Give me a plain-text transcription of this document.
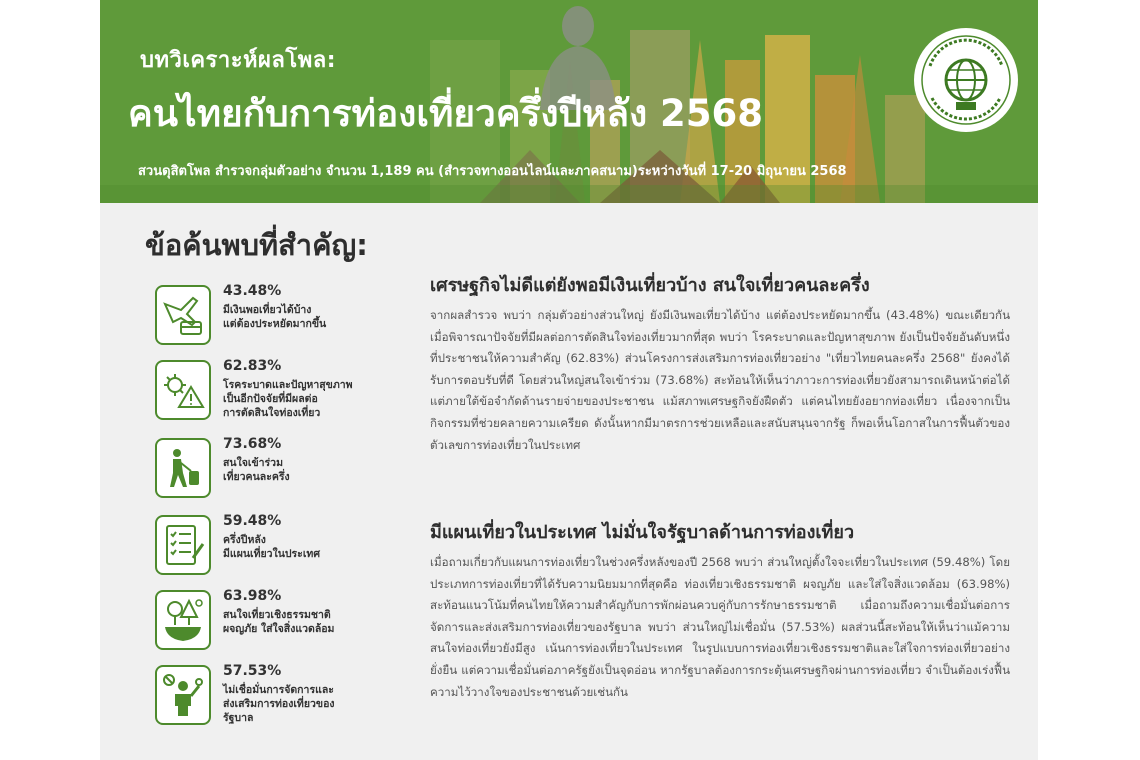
บทวิเคราะห์ผลโพล:
คนไทยกับการท่องเที่ยวครึ่งปีหลัง 2568
สวนดุสิตโพล สำรวจกลุ่มตัวอย่าง จำนวน 1,189 คน (สำรวจทางออนไลน์และภาคสนาม)ระหว่างวันที่ 17-20 มิถุนายน 2568
ข้อค้นพบที่สำคัญ:
43.48%
มีเงินพอเที่ยวได้บ้าง
แต่ต้องประหยัดมากขึ้น
62.83%
โรคระบาดและปัญหาสุขภาพ
เป็นอีกปัจจัยที่มีผลต่อ
การตัดสินใจท่องเที่ยว
73.68%
สนใจเข้าร่วม
เที่ยวคนละครึ่ง
59.48%
ครึ่งปีหลัง
มีแผนเที่ยวในประเทศ
63.98%
สนใจเที่ยวเชิงธรรมชาติ
ผจญภัย ใส่ใจสิ่งแวดล้อม
57.53%
ไม่เชื่อมั่นการจัดการและ
ส่งเสริมการท่องเที่ยวของ
รัฐบาล
เศรษฐกิจไม่ดีแต่ยังพอมีเงินเที่ยวบ้าง สนใจเที่ยวคนละครึ่ง

จากผลสำรวจ พบว่า กลุ่มตัวอย่างส่วนใหญ่ ยังมีเงินพอเที่ยวได้บ้าง แต่ต้องประหยัดมากขึ้น (43.48%) ขณะเดียวกันเมื่อพิจารณาปัจจัยที่มีผลต่อการตัดสินใจท่องเที่ยวมากที่สุด พบว่า โรคระบาดและปัญหาสุขภาพ ยังเป็นปัจจัยอันดับหนึ่งที่ประชาชนให้ความสำคัญ (62.83%) ส่วนโครงการส่งเสริมการท่องเที่ยวอย่าง "เที่ยวไทยคนละครึ่ง 2568" ยังคงได้รับการตอบรับที่ดี โดยส่วนใหญ่สนใจเข้าร่วม (73.68%) สะท้อนให้เห็นว่าภาวะการท่องเที่ยวยังสามารถเดินหน้าต่อได้ แต่ภายใต้ข้อจำกัดด้านรายจ่ายของประชาชน แม้สภาพเศรษฐกิจยังฝืดตัว แต่คนไทยยังอยากท่องเที่ยว เนื่องจากเป็นกิจกรรมที่ช่วยคลายความเครียด ดังนั้นหากมีมาตรการช่วยเหลือและสนับสนุนจากรัฐ ก็พอเห็นโอกาสในการฟื้นตัวของตัวเลขการท่องเที่ยวในประเทศ

มีแผนเที่ยวในประเทศ ไม่มั่นใจรัฐบาลด้านการท่องเที่ยว

เมื่อถามเกี่ยวกับแผนการท่องเที่ยวในช่วงครึ่งหลังของปี 2568 พบว่า ส่วนใหญ่ตั้งใจจะเที่ยวในประเทศ (59.48%) โดยประเภทการท่องเที่ยวที่ได้รับความนิยมมากที่สุดคือ ท่องเที่ยวเชิงธรรมชาติ ผจญภัย และใส่ใจสิ่งแวดล้อม (63.98%) สะท้อนแนวโน้มที่คนไทยให้ความสำคัญกับการพักผ่อนควบคู่กับการรักษาธรรมชาติ เมื่อถามถึงความเชื่อมั่นต่อการจัดการและส่งเสริมการท่องเที่ยวของรัฐบาล พบว่า ส่วนใหญ่ไม่เชื่อมั่น (57.53%) ผลส่วนนี้สะท้อนให้เห็นว่าแม้ความสนใจท่องเที่ยวยังมีสูง เน้นการท่องเที่ยวในประเทศ ในรูปแบบการท่องเที่ยวเชิงธรรมชาติและใส่ใจการท่องเที่ยวอย่างยั่งยืน แต่ความเชื่อมั่นต่อภาครัฐยังเป็นจุดอ่อน หากรัฐบาลต้องการกระตุ้นเศรษฐกิจผ่านการท่องเที่ยว จำเป็นต้องเร่งฟื้นความไว้วางใจของประชาชนด้วยเช่นกัน
